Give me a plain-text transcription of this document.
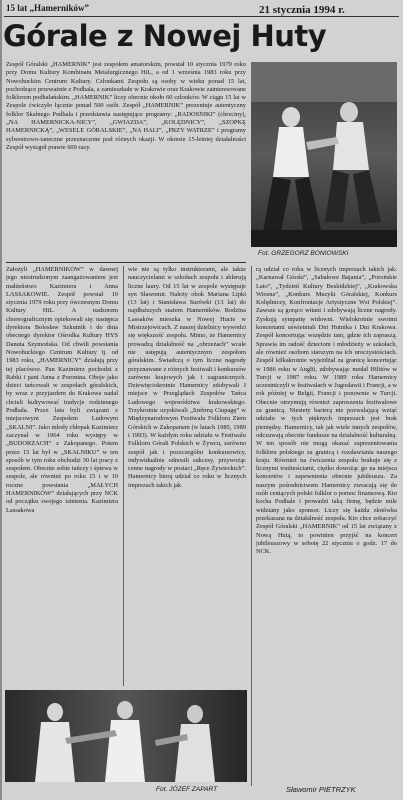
15 lat „Hamerników”	21 stycznia 1994 r.
Górale z Nowej Huty

Zespół Góralski „HAMERNIK” jest zespołem amatorskim, powstał 10 stycznia 1979 roku przy Domu Kultury Kombinatu Metalurgicznego HiL, a od 1 września 1983 roku przy Nowohuckim Centrum Kultury. Członkami Zespołu są osoby w wieku ponad 15 lat, pochodzące przeważnie z Podhala, a zamieszkałe w Krakowie oraz Krakowie zainteresowane folklorem podhalańskim. „HAMERNIK” liczy obecnie około 60 członków. W ciągu 15 lat w Zespole ćwiczyło łącznie ponad 500 osób. Zespół „HAMERNIK” prezentuje autentyczny folklor Skalnego Podhala i przedstawia następujące programy: „RADOSNIKI” (chrzciny), „NA HAMERNICKA-NICY”, „GWIAZDA”, „KOLĘDNICY”, „SZOPKĘ HAMERNICKĄ”, „WESELE GÓRALSKIE”, „NA HALI”, „PRZY WATRZE” i programy sylwestrowo-taneczne przeznaczone pod różnych okazji. W okresie 15-letniej działalności Zespół wystąpił prawie 600 razy.

Fot. GRZEGORZ BONIOWSKI

Założyli „HAMERNIKÓW” w dawnej jego niestrudzonym zaangażowaniem jest małżeństwo Kazimiera i Anna LASSAKOWIE. Zespół powstał 10 stycznia 1979 roku przy ówczesnym Domu Kultury HiL. A nadzorem choreograficznym opiekowali się: następca dyrektora Bolesław Szkutnik i do dnia obecnego dyrektor Ośrodka Kultury HYS Danuta Szymońska. Od chwili powstania Nowohuckiego Centrum Kultury tj. od 1983 roku, „HAMERNICY” działają przy tej placówce. Pan Kazimierz pochodzi z Rabki i pani Anna z Poronina. Oboje jako dzieci tańcowali w zespołach góralskich, by wraz z przyjazdem do Krakowa nadal chcieli kultywować tradycje rodzinnego Podhala. Przez lata byli związani z miejscowym Zespołem Ludowym „SKALNI”. Jako młody chłopak Kazimierz zaczynał w 1964 roku występy w „BUDORZACH” z Zakopanego. Potem przez 15 lat był w „SKALNIKU” w ten sposób w tym roku obchodzi 30 lat pracy z zespołem. Obecnie sobie tańczy i śpiewa w zespole, ale również po roku 15 i w 10 roczne powstania „MAŁYCH HAMERNIKÓW” działających przy NCK od początku swojego istnienia. Kazimiera Lassakowa

wie nie są tylko instruktorami, ale także nauczycielami w szkołach zespołu i ablerują liczne laury. Od 15 lat w zespole występuje syn Sławomir. Należy obok Mariana Lipki (13 lat) i Stanisława Surówki (13 lat) do najdłuższych stażem Hamerników. Rodzina Lassaków mieszka w Nowej Hucie w Mistrzejowicach. Z naszej dzielnicy wywodzi się większość zespołu. Mimo, że Hamernicy prowadzą działalność na „obrzeżach” wcale nie ustępują autentycznym zespołom góralskim. Świadczą o tym liczne nagrody przyznawane z różnych festiwali i konkursów zarówno krajowych jak i zagranicznych. Dziewięciokrotnie Hamernicy zdobywali I miejsce w Przeglądach Zespołów Tańca Ludowego województwa krakowskiego. Trzykrotnie uzyskiwali „Srebrną Ciupagę” w Międzynarodowym Festiwalu Folkloru Ziem Górskich w Zakopanem (w latach 1985, 1989 i 1993). W każdym roku udziału w Festiwalu Folkloru Górali Polskich w Żywcu, zarówno zespół jak i poszczególni konkursowicy, indywidualnie odnosili sukcesy, przywożąc cenne nagrody w postaci „Ręce Żywieckich”. Hamernicy biorą udział co roku w licznych imprezach takich jak

rą udział co roku w licznych imprezach takich jak: „Karnawał Górski”, „Sabałowe Bajania”, „Porońskie Lato”, „Tydzień Kultury Beskidzkiej”, „Krakowska Wiosna”, „Konkurs Muzyki Góralskiej, Konkurs Kolędniczy, Konfrontacje Artystyczne Wsi Polskiej”. Zawsze są gorąco witani i zdobywają liczne nagrody. Zyskują sympatię widowni. Wielokrotnie swoimi koncertami uświetniali Dni Hutnika i Dni Krakowa. Zespół koncertując wszędzie tam, gdzie ich zapraszą. Sprawia im radość dzieciom i młodzieży w szkołach, ale również osobom starszym na ich uroczystościach. Zespół kilkakrotnie wyjeżdżał za granicę koncertując w 1986 roku w Anglii, zdobywając medal Hilitów w Turcji w 1987 roku. W 1989 roku Hamernicy uczestniczyli w festiwalach w Jugosławii i Francji, a w rok później w Belgii, Francji i ponownie w Turcji. Obecnie otrzymują również zaproszenia festiwalowe za granicą. Niestety barierą nie pozwalającą wziąć udziału w tych pięknych imprezach jest brak pieniędzy. Hamernicy, tak jak wiele innych zespołów, odczuwają obecnie fundusze na działalność kulturalną. W ten sposób nie mogą okazać zaprezentowania folkloru polskiego za granicą i rozsławiania naszego kraju. Również na ćwiczenia zespołu brakuje się z licznymi trudnościami, ciężko dowożąc go na miejsca koncertów i zapewnienia obecnie jubileuszu. Za naszym pośrednictwem Hamernicy zwracają się do osób ceniących polski folklor o pomoc finansową. Kto kocha Podhale i prowadzi taką firmę, będzie mile widziany jako sponsor. Liczy się każda złotówka przekazana na działalność zespołu. Kto chce zobaczyć Zespół Góralski „HAMERNIK” od 15 lat związany z Nową Hutą, to powinien przyjść na koncert jubileuszowy w sobotę 22 stycznia o godz. 17 do NCK.

Fot. JÓZEF ZAPART	Sławomir PIETRZYK
